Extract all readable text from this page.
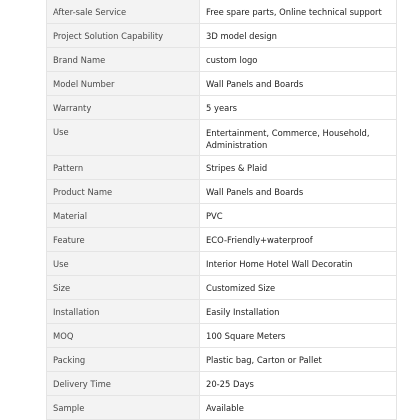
After-sale Service	Free spare parts, Online technical support
Project Solution Capability	3D model design
Brand Name	custom logo
Model Number	Wall Panels and Boards
Warranty	5 years
Use	Entertainment, Commerce, Household, Administration
Pattern	Stripes & Plaid
Product Name	Wall Panels and Boards
Material	PVC
Feature	ECO-Friendly+waterproof
Use	Interior Home Hotel Wall Decoratin
Size	Customized Size
Installation	Easily Installation
MOQ	100 Square Meters
Packing	Plastic bag, Carton or Pallet
Delivery Time	20-25 Days
Sample	Available
